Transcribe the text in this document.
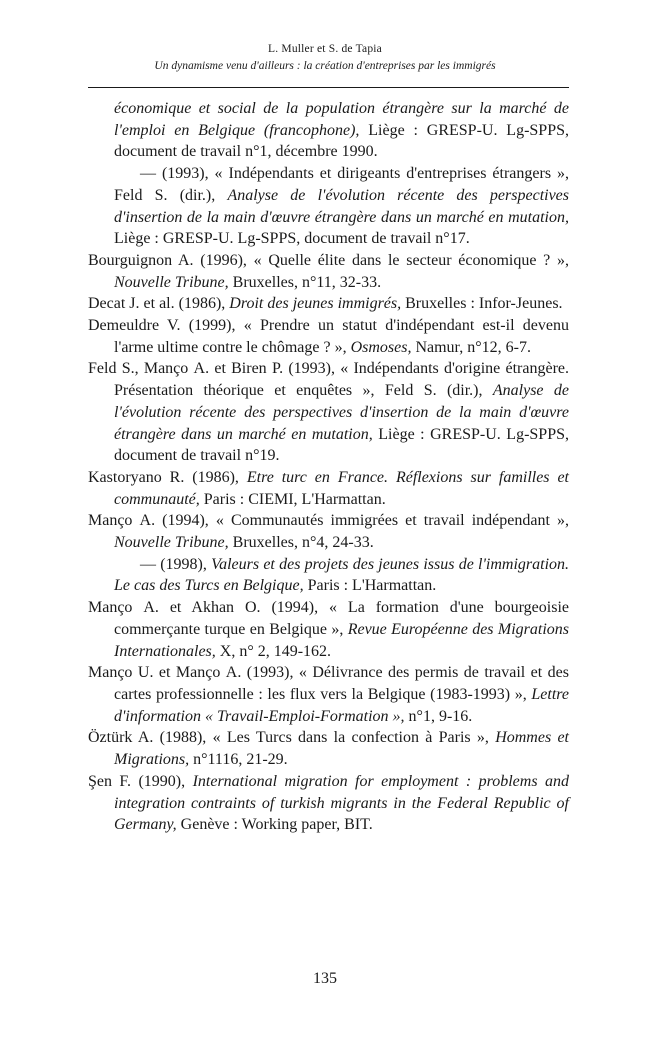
L. Muller et S. de Tapia
Un dynamisme venu d'ailleurs : la création d'entreprises par les immigrés
économique et social de la population étrangère sur la marché de l'emploi en Belgique (francophone), Liège : GRESP-U. Lg-SPPS, document de travail n°1, décembre 1990.
— (1993), « Indépendants et dirigeants d'entreprises étrangers », Feld S. (dir.), Analyse de l'évolution récente des perspectives d'insertion de la main d'œuvre étrangère dans un marché en mutation, Liège : GRESP-U. Lg-SPPS, document de travail n°17.
Bourguignon A. (1996), « Quelle élite dans le secteur économique ? », Nouvelle Tribune, Bruxelles, n°11, 32-33.
Decat J. et al. (1986), Droit des jeunes immigrés, Bruxelles : Infor-Jeunes.
Demeuldre V. (1999), « Prendre un statut d'indépendant est-il devenu l'arme ultime contre le chômage ? », Osmoses, Namur, n°12, 6-7.
Feld S., Mançο A. et Biren P. (1993), « Indépendants d'origine étrangère. Présentation théorique et enquêtes », Feld S. (dir.), Analyse de l'évolution récente des perspectives d'insertion de la main d'œuvre étrangère dans un marché en mutation, Liège : GRESP-U. Lg-SPPS, document de travail n°19.
Kastoryano R. (1986), Etre turc en France. Réflexions sur familles et communauté, Paris : CIEMI, L'Harmattan.
Mançο A. (1994), « Communautés immigrées et travail indépendant », Nouvelle Tribune, Bruxelles, n°4, 24-33.
— (1998), Valeurs et des projets des jeunes issus de l'immigration. Le cas des Turcs en Belgique, Paris : L'Harmattan.
Mançο A. et Akhan O. (1994), « La formation d'une bourgeoisie commerçante turque en Belgique », Revue Européenne des Migrations Internationales, X, n° 2, 149-162.
Mançο U. et Mançο A. (1993), « Délivrance des permis de travail et des cartes professionnelle : les flux vers la Belgique (1983-1993) », Lettre d'information « Travail-Emploi-Formation », n°1, 9-16.
Öztürk A. (1988), « Les Turcs dans la confection à Paris », Hommes et Migrations, n°1116, 21-29.
Şen F. (1990), International migration for employment : problems and integration contraints of turkish migrants in the Federal Republic of Germany, Genève : Working paper, BIT.
135
